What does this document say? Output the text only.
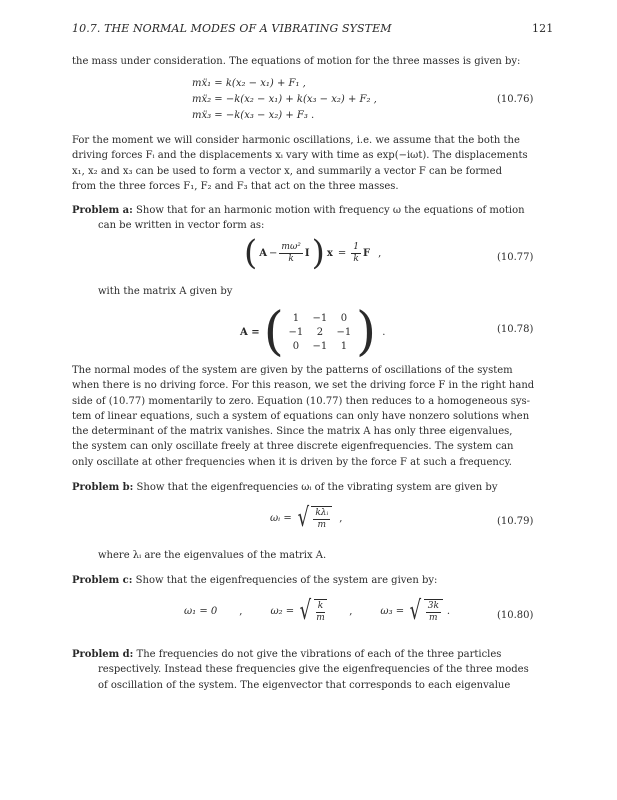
10.7. THE NORMAL MODES OF A VIBRATING SYSTEM	121
the mass under consideration. The equations of motion for the three masses is given by:
mẍ₁ = k(x₂ − x₁) + F₁ ,
mẍ₂ = −k(x₂ − x₁) + k(x₃ − x₂) + F₂ ,
mẍ₃ = −k(x₃ − x₂) + F₃ .
(10.76)
For the moment we will consider harmonic oscillations, i.e. we assume that the both the
driving forces Fᵢ and the displacements xᵢ vary with time as exp(−iωt). The displacements
x₁, x₂ and x₃ can be used to form a vector x, and summarily a vector F can be formed
from the three forces F₁, F₂ and F₃ that act on the three masses.
Problem a: Show that for an harmonic motion with frequency ω the equations of motion
can be written in vector form as:
( $A - \frac{\text{mω²}}{k}$ I ) $x = \frac{1}{k}$ F ,	(10.77)
with the matrix A given by
A = ( 1	−1	0
−1	2	−1
0	−1	1 ) .	(10.78)
The normal modes of the system are given by the patterns of oscillations of the system
when there is no driving force. For this reason, we set the driving force F in the right hand
side of (10.77) momentarily to zero. Equation (10.77) then reduces to a homogeneous sys-
tem of linear equations, such a system of equations can only have nonzero solutions when
the determinant of the matrix vanishes. Since the matrix A has only three eigenvalues,
the system can only oscillate freely at three discrete eigenfrequencies. The system can
only oscillate at other frequencies when it is driven by the force F at such a frequency.
Problem b: Show that the eigenfrequencies ωᵢ of the vibrating system are given by
ωᵢ = √ $\frac{\text{kλᵢ}}{m}$ ,	(10.79)
where λᵢ are the eigenvalues of the matrix A.
Problem c: Show that the eigenfrequencies of the system are given by:
ω₁ = 0 ,	ω₂ = √ $\frac{k}{m}$ ,	ω₃ = √ $\frac{3k}{m}$ .	(10.80)
Problem d: The frequencies do not give the vibrations of each of the three particles
respectively. Instead these frequencies give the eigenfrequencies of the three modes
of oscillation of the system. The eigenvector that corresponds to each eigenvalue
